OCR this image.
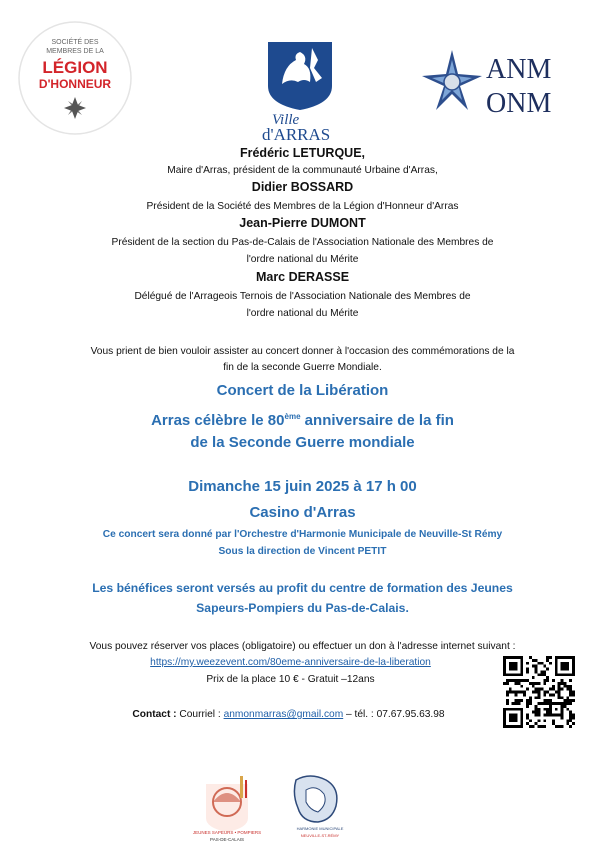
SOCIÉTÉ DES
MEMBRES DE LA
LÉGION
D'HONNEUR
Ville
d'ARRAS
ANM
ONM
Frédéric LETURQUE,
Maire d'Arras, président de la communauté Urbaine d'Arras,
Didier BOSSARD
Président de la Société des Membres de la Légion d'Honneur d'Arras
Jean-Pierre DUMONT
Président de la section du Pas-de-Calais de l'Association Nationale des Membres de
l'ordre national du Mérite
Marc DERASSE
Délégué de l'Arrageois Ternois de l'Association Nationale des Membres de
l'ordre national du Mérite
Vous prient de bien vouloir assister au concert donner à l'occasion des commémorations de la
fin de la seconde Guerre Mondiale.
Concert de la Libération
Arras célèbre le 80ème anniversaire de la fin
de la Seconde Guerre mondiale
Dimanche 15 juin 2025 à 17 h 00
Casino d'Arras
Ce concert sera donné par l'Orchestre d'Harmonie Municipale de Neuville-St Rémy
Sous la direction de Vincent PETIT
Les bénéfices seront versés au profit du centre de formation des Jeunes
Sapeurs-Pompiers du Pas-de-Calais.
Vous pouvez réserver vos places (obligatoire) ou effectuer un don à l'adresse internet suivant :
https://my.weezevent.com/80eme-anniversaire-de-la-liberation
Prix de la place 10 € - Gratuit –12ans
Contact : Courriel : anmonmarras@gmail.com – tél. : 07.67.95.63.98
JEUNES SAPEURS • POMPIERS
PAS-DE-CALAIS
HARMONIE MUNICIPALE
NEUVILLE-ST-RÉMY
